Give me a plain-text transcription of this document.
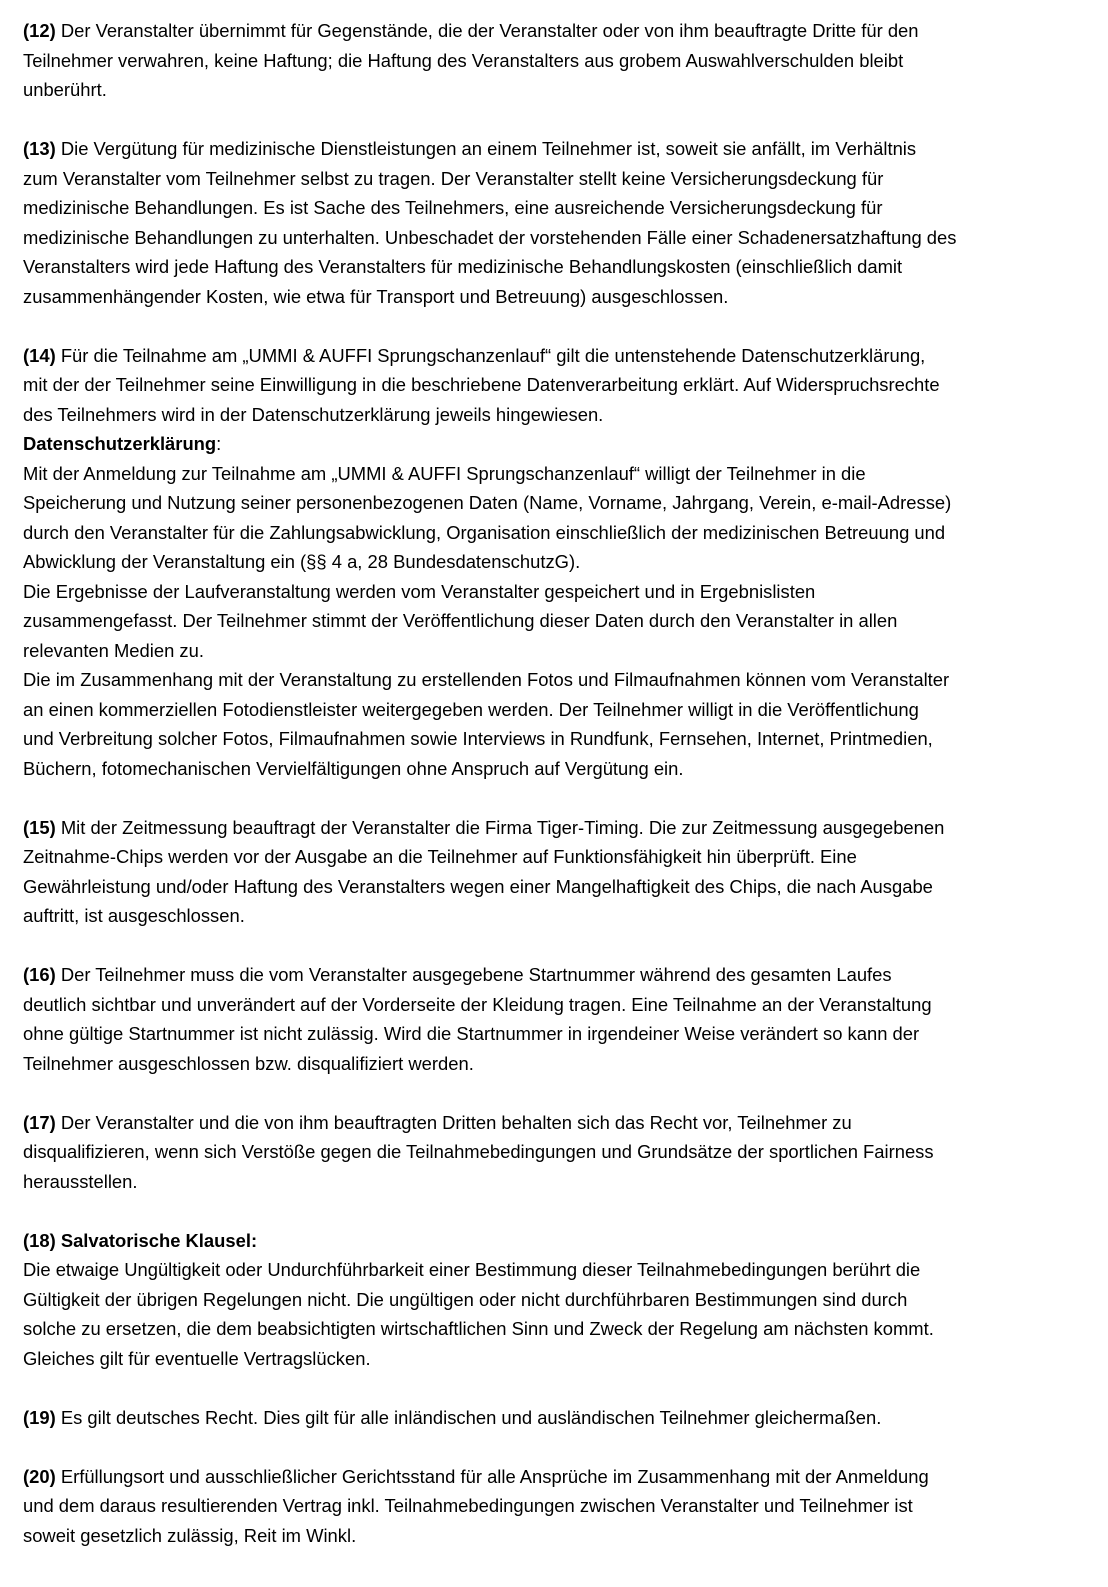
(12) Der Veranstalter übernimmt für Gegenstände, die der Veranstalter oder von ihm beauftragte Dritte für den
Teilnehmer verwahren, keine Haftung; die Haftung des Veranstalters aus grobem Auswahlverschulden bleibt
unberührt.
(13) Die Vergütung für medizinische Dienstleistungen an einem Teilnehmer ist, soweit sie anfällt, im Verhältnis
zum Veranstalter vom Teilnehmer selbst zu tragen. Der Veranstalter stellt keine Versicherungsdeckung für
medizinische Behandlungen. Es ist Sache des Teilnehmers, eine ausreichende Versicherungsdeckung für
medizinische Behandlungen zu unterhalten. Unbeschadet der vorstehenden Fälle einer Schadenersatzhaftung des
Veranstalters wird jede Haftung des Veranstalters für medizinische Behandlungskosten (einschließlich damit
zusammenhängender Kosten, wie etwa für Transport und Betreuung) ausgeschlossen.
(14) Für die Teilnahme am „UMMI & AUFFI Sprungschanzenlauf“ gilt die untenstehende Datenschutzerklärung,
mit der der Teilnehmer seine Einwilligung in die beschriebene Datenverarbeitung erklärt. Auf Widerspruchsrechte
des Teilnehmers wird in der Datenschutzerklärung jeweils hingewiesen.
Datenschutzerklärung:
Mit der Anmeldung zur Teilnahme am „UMMI & AUFFI Sprungschanzenlauf“ willigt der Teilnehmer in die
Speicherung und Nutzung seiner personenbezogenen Daten (Name, Vorname, Jahrgang, Verein, e-mail-Adresse)
durch den Veranstalter für die Zahlungsabwicklung, Organisation einschließlich der medizinischen Betreuung und
Abwicklung der Veranstaltung ein (§§ 4 a, 28 BundesdatenschutzG).
Die Ergebnisse der Laufveranstaltung werden vom Veranstalter gespeichert und in Ergebnislisten
zusammengefasst. Der Teilnehmer stimmt der Veröffentlichung dieser Daten durch den Veranstalter in allen
relevanten Medien zu.
Die im Zusammenhang mit der Veranstaltung zu erstellenden Fotos und Filmaufnahmen können vom Veranstalter
an einen kommerziellen Fotodienstleister weitergegeben werden. Der Teilnehmer willigt in die Veröffentlichung
und Verbreitung solcher Fotos, Filmaufnahmen sowie Interviews in Rundfunk, Fernsehen, Internet, Printmedien,
Büchern, fotomechanischen Vervielfältigungen ohne Anspruch auf Vergütung ein.
(15) Mit der Zeitmessung beauftragt der Veranstalter die Firma Tiger-Timing. Die zur Zeitmessung ausgegebenen
Zeitnahme-Chips werden vor der Ausgabe an die Teilnehmer auf Funktionsfähigkeit hin überprüft. Eine
Gewährleistung und/oder Haftung des Veranstalters wegen einer Mangelhaftigkeit des Chips, die nach Ausgabe
auftritt, ist ausgeschlossen.
(16) Der Teilnehmer muss die vom Veranstalter ausgegebene Startnummer während des gesamten Laufes
deutlich sichtbar und unverändert auf der Vorderseite der Kleidung tragen. Eine Teilnahme an der Veranstaltung
ohne gültige Startnummer ist nicht zulässig. Wird die Startnummer in irgendeiner Weise verändert so kann der
Teilnehmer ausgeschlossen bzw. disqualifiziert werden.
(17) Der Veranstalter und die von ihm beauftragten Dritten behalten sich das Recht vor, Teilnehmer zu
disqualifizieren, wenn sich Verstöße gegen die Teilnahmebedingungen und Grundsätze der sportlichen Fairness
herausstellen.
(18) Salvatorische Klausel:
Die etwaige Ungültigkeit oder Undurchführbarkeit einer Bestimmung dieser Teilnahmebedingungen berührt die
Gültigkeit der übrigen Regelungen nicht. Die ungültigen oder nicht durchführbaren Bestimmungen sind durch
solche zu ersetzen, die dem beabsichtigten wirtschaftlichen Sinn und Zweck der Regelung am nächsten kommt.
Gleiches gilt für eventuelle Vertragslücken.
(19) Es gilt deutsches Recht. Dies gilt für alle inländischen und ausländischen Teilnehmer gleichermaßen.
(20) Erfüllungsort und ausschließlicher Gerichtsstand für alle Ansprüche im Zusammenhang mit der Anmeldung
und dem daraus resultierenden Vertrag inkl. Teilnahmebedingungen zwischen Veranstalter und Teilnehmer ist
soweit gesetzlich zulässig, Reit im Winkl.
